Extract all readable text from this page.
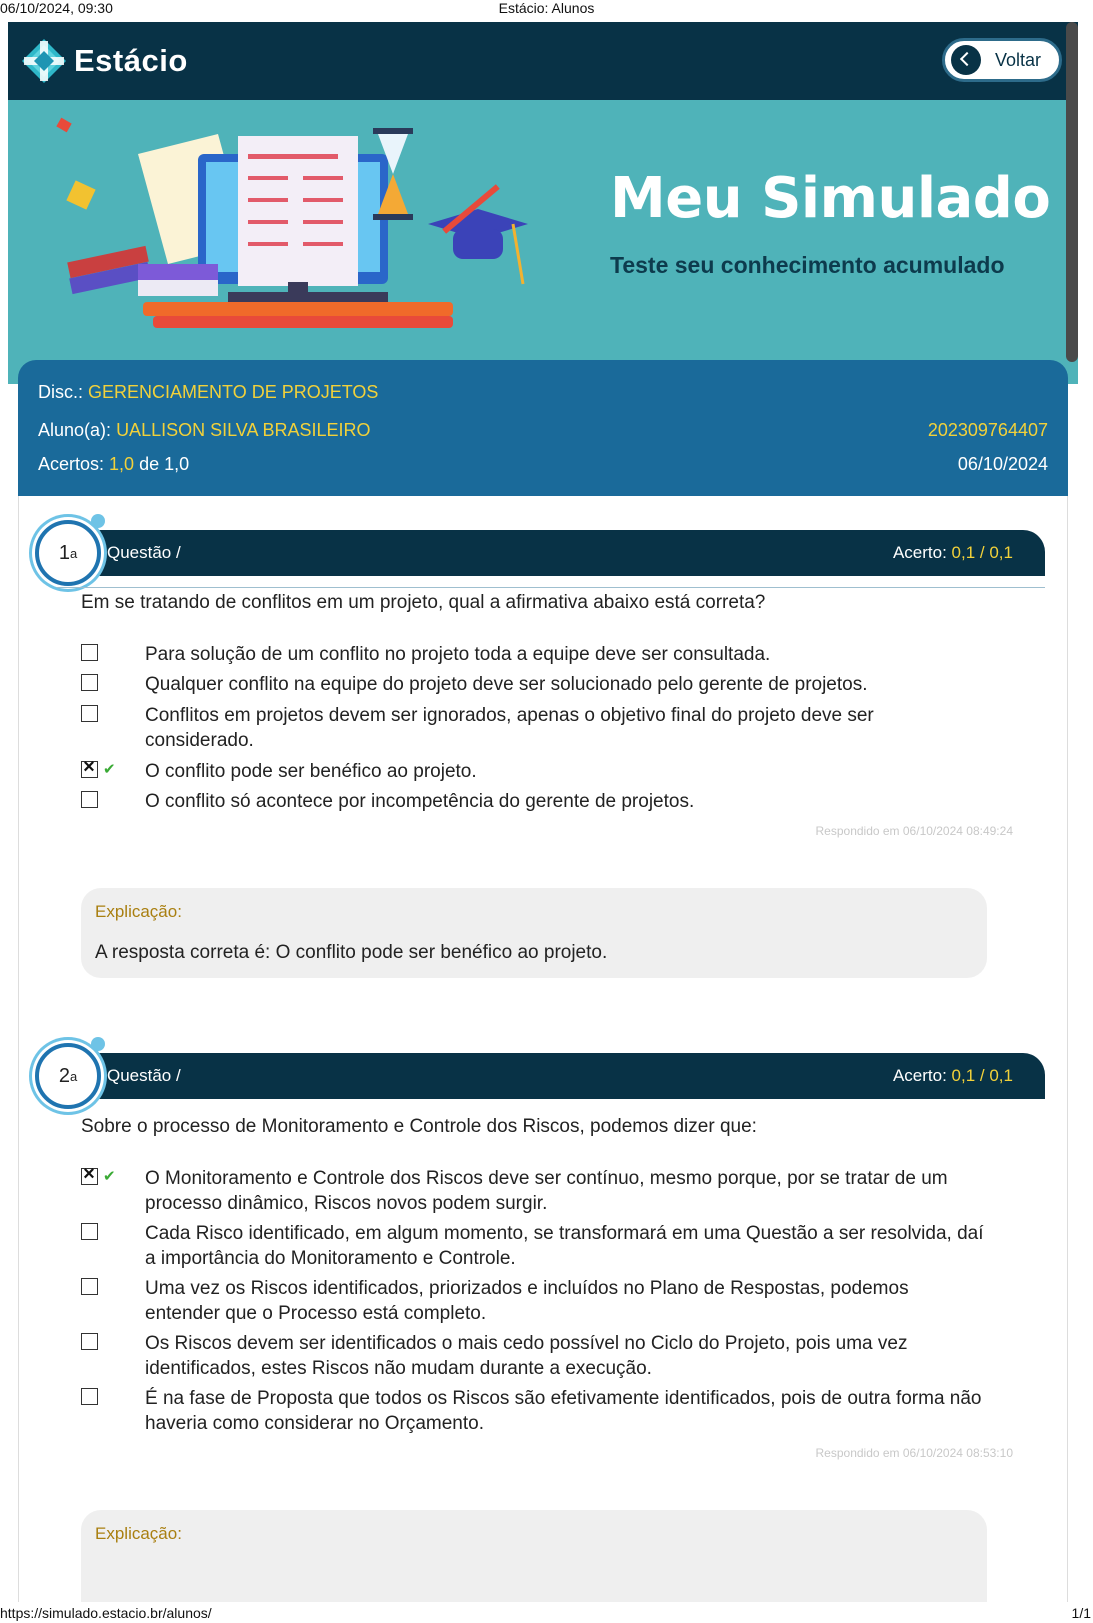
06/10/2024, 09:30	Estácio: Alunos
Estácio	Voltar
Meu Simulado
Teste seu conhecimento acumulado
Disc.: GERENCIAMENTO DE PROJETOS
Aluno(a): UALLISON SILVA BRASILEIRO	202309764407
Acertos: 1,0 de 1,0	06/10/2024
Questão /	Acerto: 0,1 / 0,1
1 a
Em se tratando de conflitos em um projeto, qual a afirmativa abaixo está correta?
Para solução de um conflito no projeto toda a equipe deve ser consultada.
Qualquer conflito na equipe do projeto deve ser solucionado pelo gerente de projetos.
Conflitos em projetos devem ser ignorados, apenas o objetivo final do projeto deve ser considerado.
×
✔ O conflito pode ser benéfico ao projeto.
O conflito só acontece por incompetência do gerente de projetos.
Respondido em 06/10/2024 08:49:24
Explicação:
A resposta correta é: O conflito pode ser benéfico ao projeto.
Questão /	Acerto: 0,1 / 0,1
2 a
Sobre o processo de Monitoramento e Controle dos Riscos, podemos dizer que:
×
✔ O Monitoramento e Controle dos Riscos deve ser contínuo, mesmo porque, por se tratar de um processo dinâmico, Riscos novos podem surgir.
Cada Risco identificado, em algum momento, se transformará em uma Questão a ser resolvida, daí a importância do Monitoramento e Controle.
Uma vez os Riscos identificados, priorizados e incluídos no Plano de Respostas, podemos entender que o Processo está completo.
Os Riscos devem ser identificados o mais cedo possível no Ciclo do Projeto, pois uma vez identificados, estes Riscos não mudam durante a execução.
É na fase de Proposta que todos os Riscos são efetivamente identificados, pois de outra forma não haveria como considerar no Orçamento.
Respondido em 06/10/2024 08:53:10
Explicação:
https://simulado.estacio.br/alunos/	1/1
